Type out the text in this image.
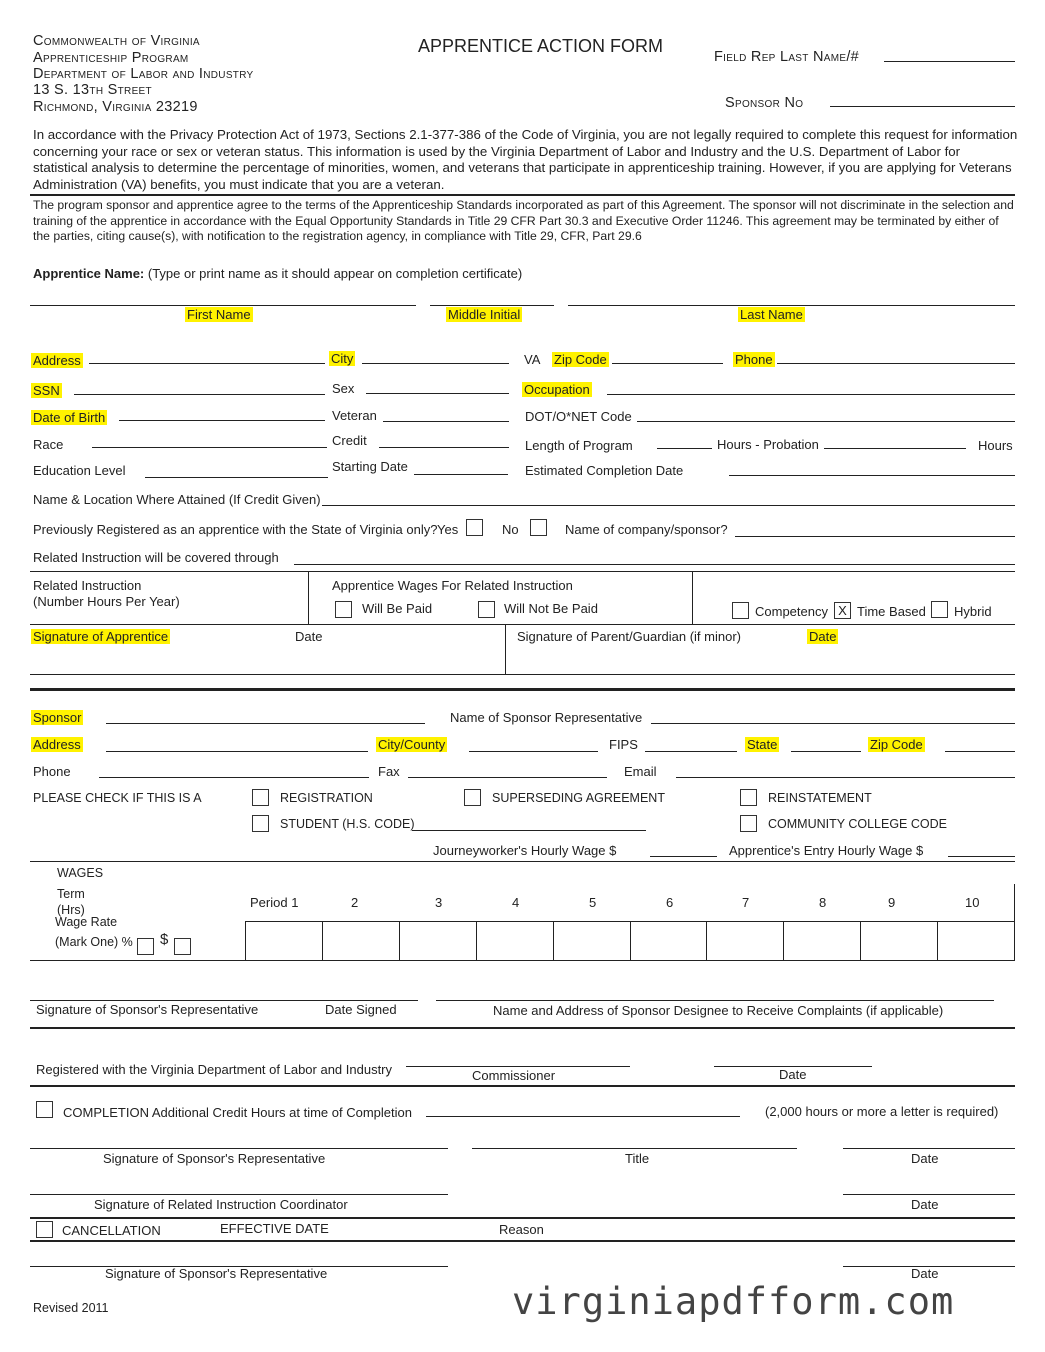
Commonwealth of Virginia
Apprenticeship Program
Department of Labor and Industry
13 S. 13th Street
Richmond, Virginia 23219
APPRENTICE ACTION FORM
Field Rep Last Name/#
Sponsor No
In accordance with the Privacy Protection Act of 1973, Sections 2.1-377-386 of the Code of Virginia, you are not legally required to complete this request for information concerning your race or sex or veteran status. This information is used by the Virginia Department of Labor and Industry and the U.S. Department of Labor for statistical analysis to determine the percentage of minorities, women, and veterans that participate in apprenticeship training. However, if you are applying for Veterans Administration (VA) benefits, you must indicate that you are a veteran.
The program sponsor and apprentice agree to the terms of the Apprenticeship Standards incorporated as part of this Agreement. The sponsor will not discriminate in the selection and training of the apprentice in accordance with the Equal Opportunity Standards in Title 29 CFR Part 30.3 and Executive Order 11246. This agreement may be terminated by either of the parties, citing cause(s), with notification to the registration agency, in compliance with Title 29, CFR, Part 29.6
Apprentice Name: (Type or print name as it should appear on completion certificate)
First Name	Middle Initial	Last Name
Address	City	VA Zip Code	Phone
SSN	Sex	Occupation
Date of Birth	Veteran	DOT/O*NET Code
Race	Credit	Length of Program	Hours - Probation	Hours
Education Level	Starting Date	Estimated Completion Date
Name & Location Where Attained (If Credit Given)
Previously Registered as an apprentice with the State of Virginia only? Yes	No	Name of company/sponsor?
Related Instruction will be covered through
Related Instruction
(Number Hours Per Year)
Apprentice Wages For Related Instruction
Will Be Paid	Will Not Be Paid	Competency X Time Based Hybrid
Signature of Apprentice	Date	Signature of Parent/Guardian (if minor)	Date
Sponsor	Name of Sponsor Representative
Address	City/County	FIPS	State	Zip Code
Phone	Fax	Email
PLEASE CHECK IF THIS IS A	REGISTRATION	SUPERSEDING AGREEMENT	REINSTATEMENT
STUDENT (H.S. CODE)	COMMUNITY COLLEGE CODE
Journeyworker's Hourly Wage $	Apprentice's Entry Hourly Wage $
WAGES
Term
(Hrs)
Wage Rate
(Mark One) % $
Period 1	2	3	4	5	6	7	8	9	10
Signature of Sponsor's Representative	Date Signed	Name and Address of Sponsor Designee to Receive Complaints (if applicable)
Registered with the Virginia Department of Labor and Industry	Commissioner	Date
COMPLETION Additional Credit Hours at time of Completion	(2,000 hours or more a letter is required)
Signature of Sponsor's Representative	Title	Date
Signature of Related Instruction Coordinator	Date
CANCELLATION	EFFECTIVE DATE	Reason
Signature of Sponsor's Representative	Date
Revised 2011	virginiapdfform.com
